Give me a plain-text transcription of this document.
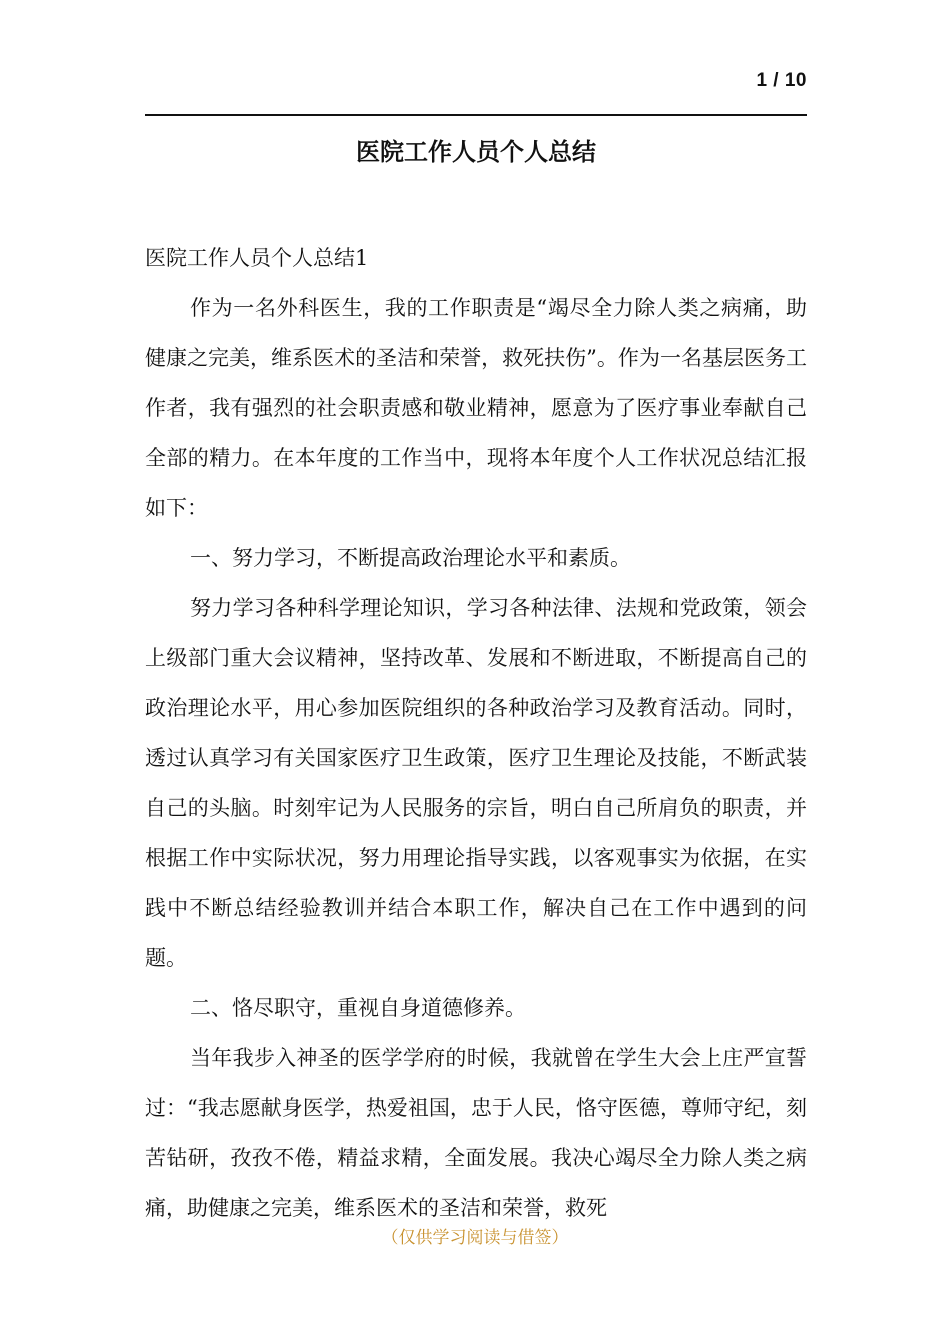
1 / 10
医院工作人员个人总结

医院工作人员个人总结1

作为一名外科医生，我的工作职责是“竭尽全力除人类之病痛，助健康之完美，维系医术的圣洁和荣誉，救死扶伤”。作为一名基层医务工作者，我有强烈的社会职责感和敬业精神，愿意为了医疗事业奉献自己全部的精力。在本年度的工作当中，现将本年度个人工作状况总结汇报如下：

一、努力学习，不断提高政治理论水平和素质。

努力学习各种科学理论知识，学习各种法律、法规和党政策，领会上级部门重大会议精神，坚持改革、发展和不断进取，不断提高自己的政治理论水平，用心参加医院组织的各种政治学习及教育活动。同时，透过认真学习有关国家医疗卫生政策，医疗卫生理论及技能，不断武装自己的头脑。时刻牢记为人民服务的宗旨，明白自己所肩负的职责，并根据工作中实际状况，努力用理论指导实践，以客观事实为依据，在实践中不断总结经验教训并结合本职工作，解决自己在工作中遇到的问题。

二、恪尽职守，重视自身道德修养。

当年我步入神圣的医学学府的时候，我就曾在学生大会上庄严宣誓过：“我志愿献身医学，热爱祖国，忠于人民，恪守医德，尊师守纪，刻苦钻研，孜孜不倦，精益求精，全面发展。我决心竭尽全力除人类之病痛，助健康之完美，维系医术的圣洁和荣誉，救死

（仅供学习阅读与借签）
